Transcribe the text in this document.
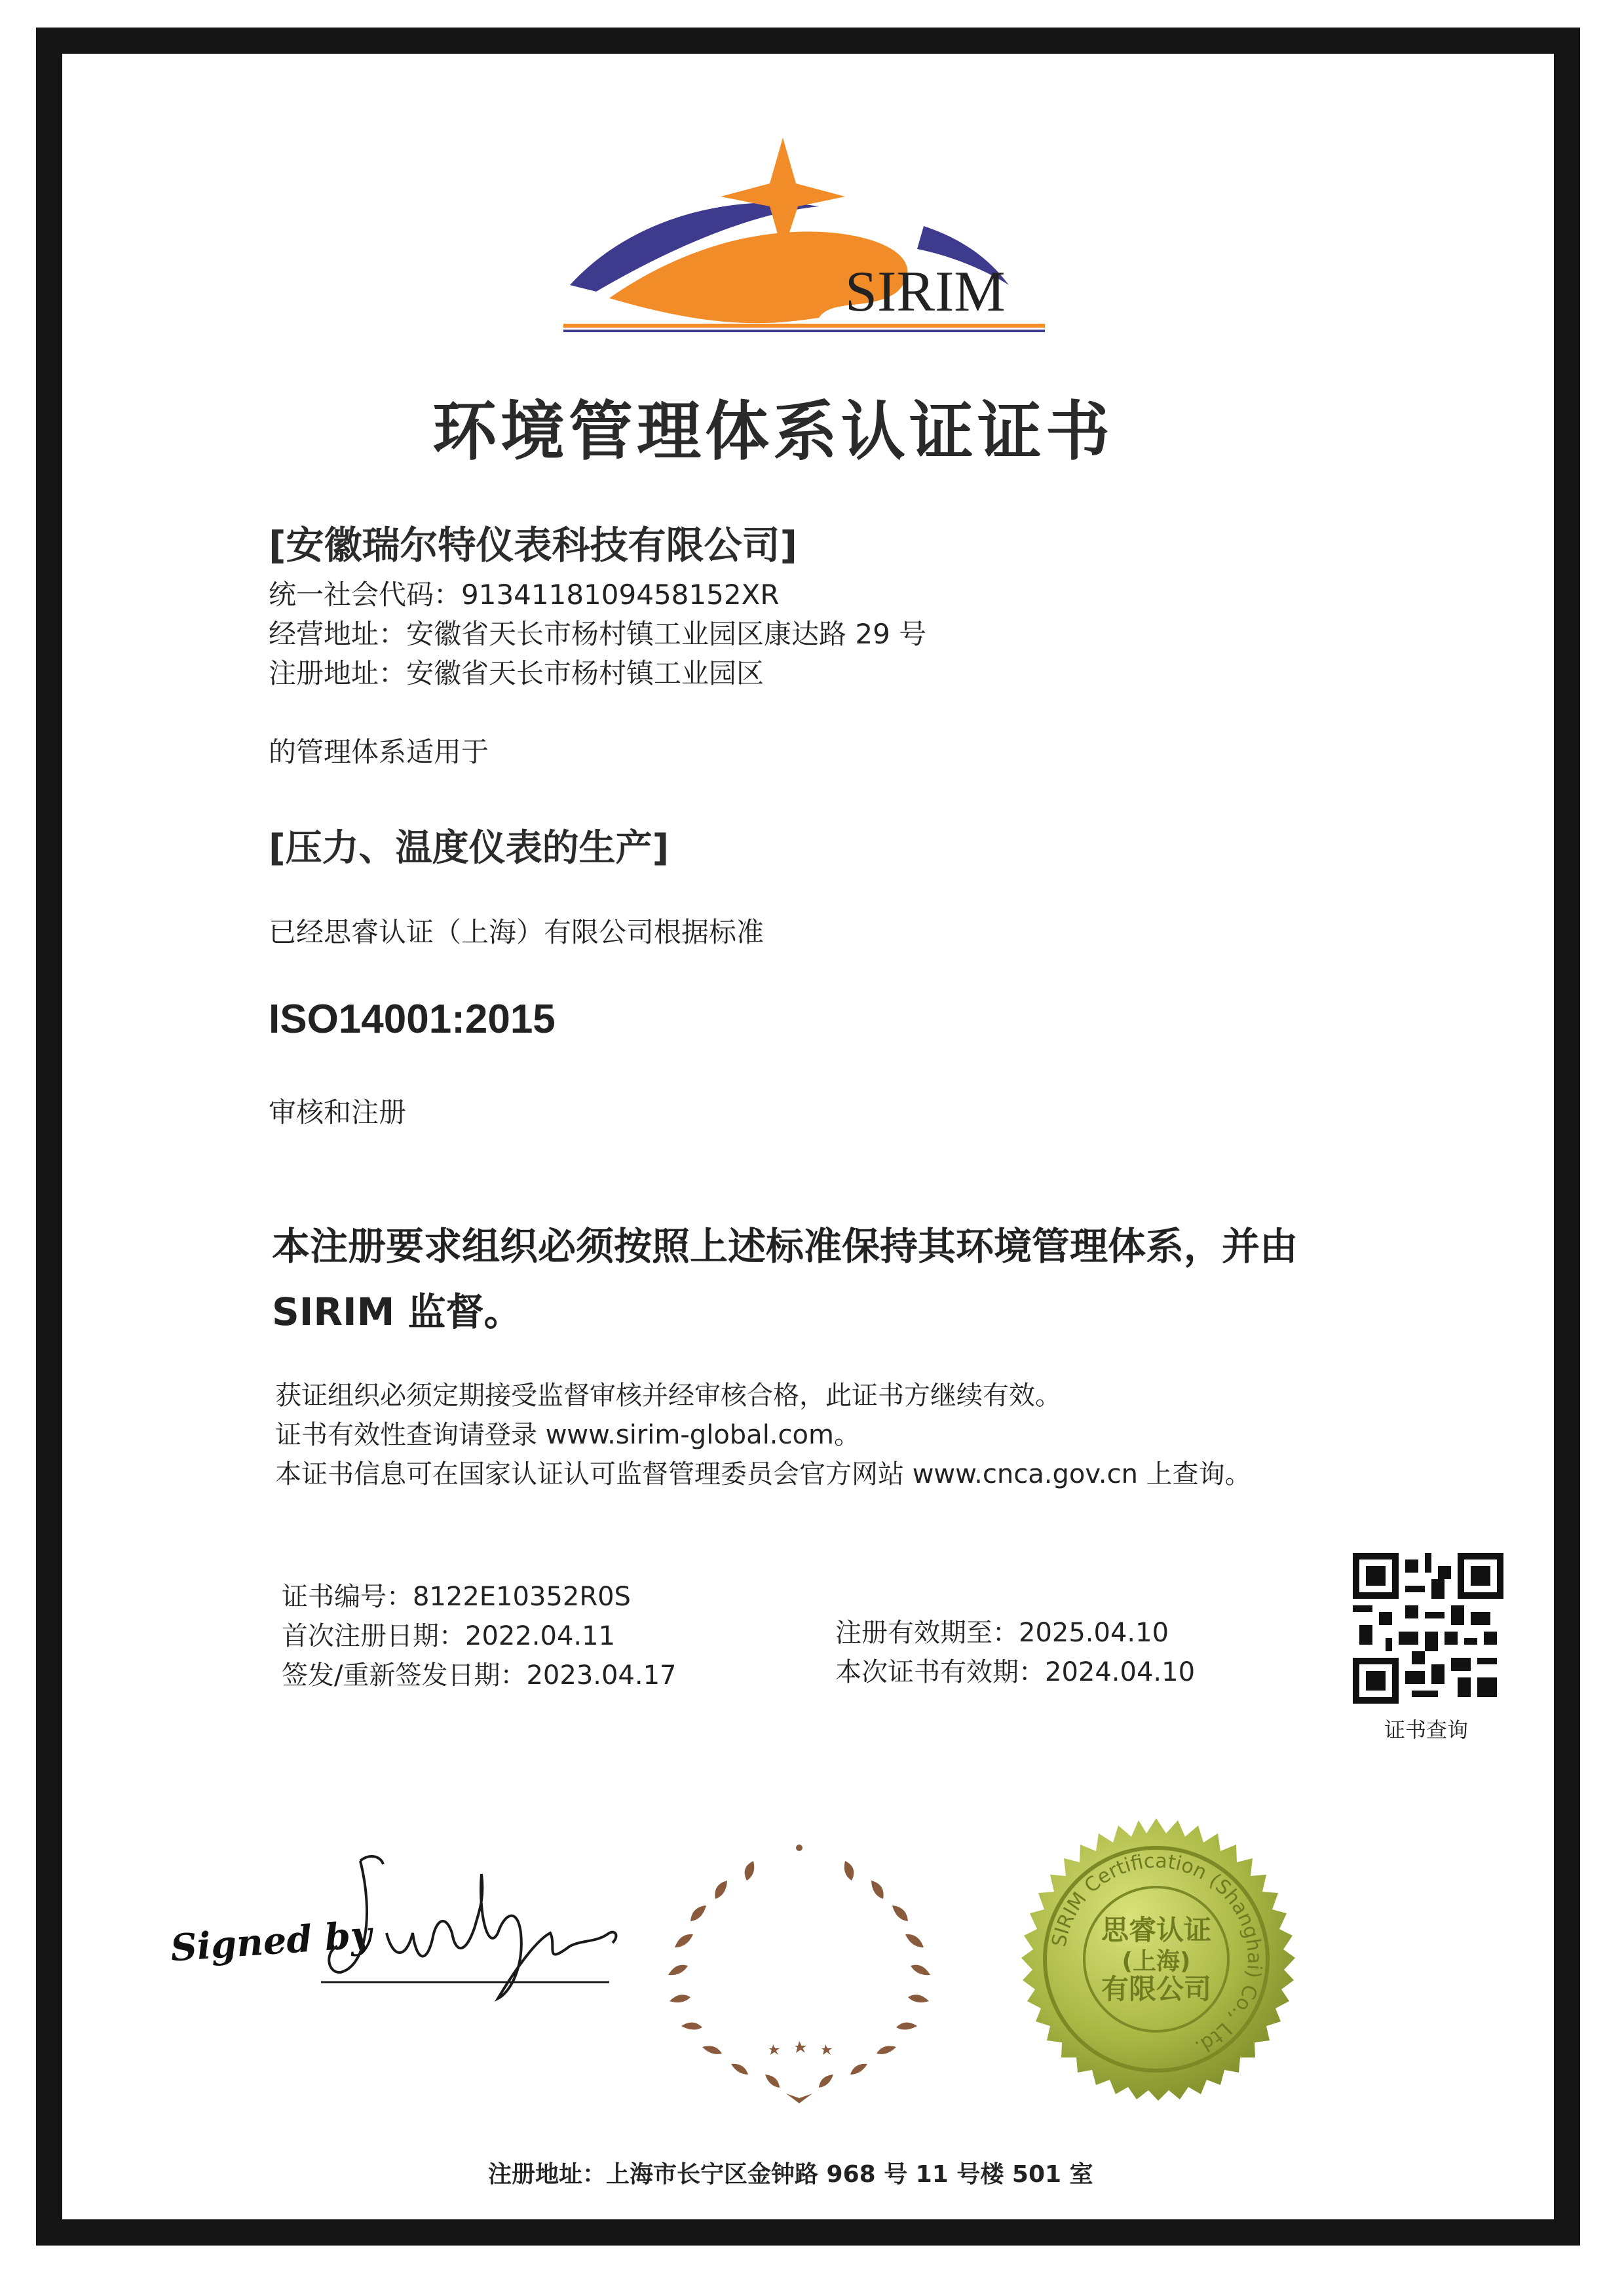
SIRIM
环境管理体系认证证书
[安徽瑞尔特仪表科技有限公司]
统一社会代码：913411810945815​2XR
经营地址：安徽省天长市杨村镇工业园区康达路 29 号
注册地址：安徽省天长市杨村镇工业园区
的管理体系适用于
[压力、温度仪表的生产]
已经思睿认证（上海）有限公司根据标准
ISO14001:2015
审核和注册
本注册要求组织必须按照上述标准保持其环境管理体系，并由
SIRIM 监督。
获证组织必须定期接受监督审核并经审核合格，此证书方继续有效。
证书有效性查询请登录 www.sirim-global.com。
本证书信息可在国家认证认可监督管理委员会官方网站 www.cnca.gov.cn 上查询。
证书编号：8122E10352R0S
首次注册日期：2022.04.11
签发/重新签发日期：2023.04.17
注册有效期至：2025.04.10
本次证书有效期：2024.04.10
证书查询
Signed by	SIRIM Certification (Shanghai) Co., Ltd.
思睿认证
(上海)
有限公司
注册地址：上海市长宁区金钟路 968 号 11 号楼 501 室
